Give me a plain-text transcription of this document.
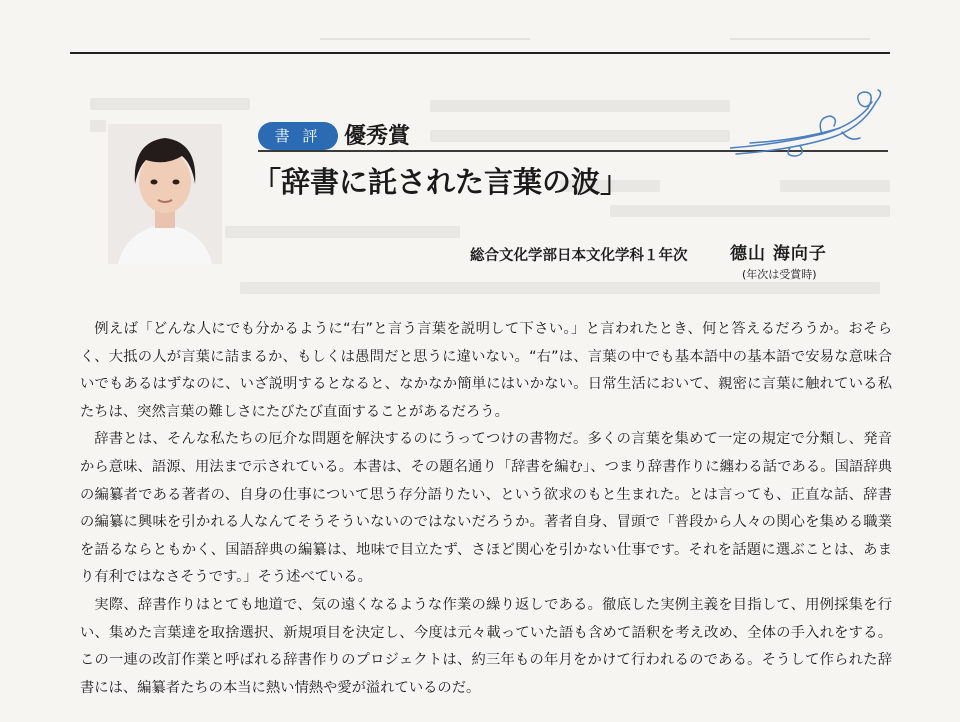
書 評	優秀賞
「辞書に託された言葉の波」
総合文化学部日本文化学科１年次	德山 海向子
(年次は受賞時)

例えば「どんな人にでも分かるように“右”と言う言葉を説明して下さい。」と言われたとき、何と答えるだろうか。おそらく、大抵の人が言葉に詰まるか、もしくは愚問だと思うに違いない。“右”は、言葉の中でも基本語中の基本語で安易な意味合いでもあるはずなのに、いざ説明するとなると、なかなか簡単にはいかない。日常生活において、親密に言葉に触れている私たちは、突然言葉の難しさにたびたび直面することがあるだろう。

辞書とは、そんな私たちの厄介な問題を解決するのにうってつけの書物だ。多くの言葉を集めて一定の規定で分類し、発音から意味、語源、用法まで示されている。本書は、その題名通り「辞書を編む」、つまり辞書作りに纏わる話である。国語辞典の編纂者である著者の、自身の仕事について思う存分語りたい、という欲求のもと生まれた。とは言っても、正直な話、辞書の編纂に興味を引かれる人なんてそうそういないのではないだろうか。著者自身、冒頭で「普段から人々の関心を集める職業を語るならともかく、国語辞典の編纂は、地味で目立たず、さほど関心を引かない仕事です。それを話題に選ぶことは、あまり有利ではなさそうです。」そう述べている。

実際、辞書作りはとても地道で、気の遠くなるような作業の繰り返しである。徹底した実例主義を目指して、用例採集を行い、集めた言葉達を取捨選択、新規項目を決定し、今度は元々載っていた語も含めて語釈を考え改め、全体の手入れをする。この一連の改訂作業と呼ばれる辞書作りのプロジェクトは、約三年もの年月をかけて行われるのである。そうして作られた辞書には、編纂者たちの本当に熱い情熱や愛が溢れているのだ。
